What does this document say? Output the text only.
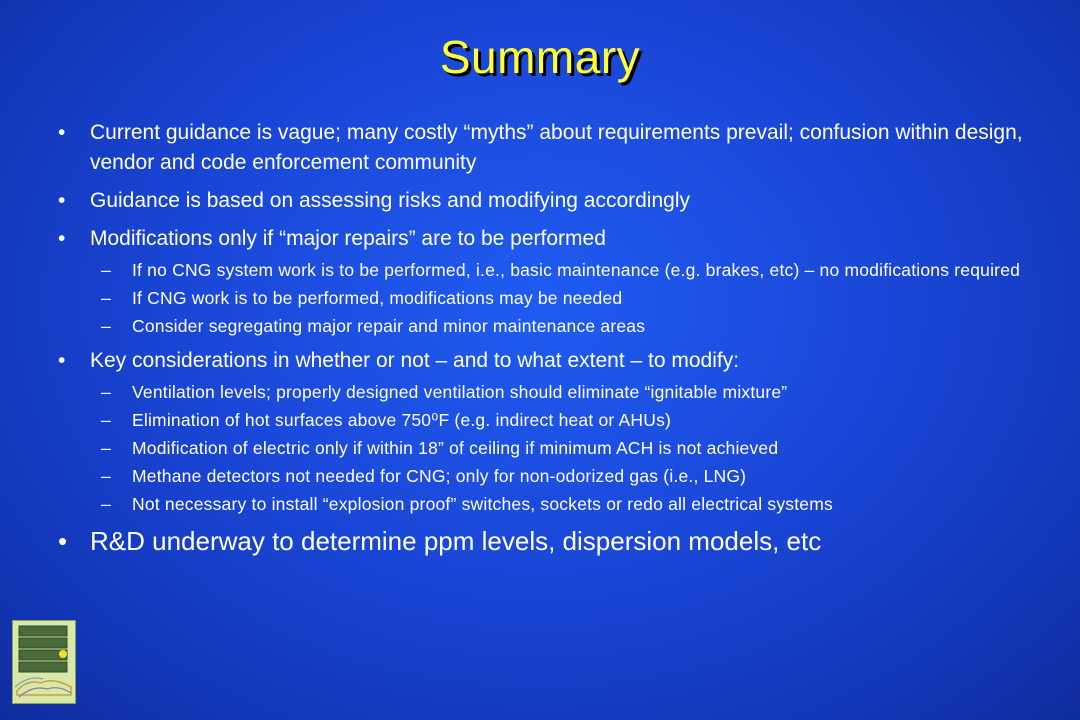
Summary
• Current guidance is vague; many costly “myths” about requirements prevail; confusion within design, vendor and code enforcement community
• Guidance is based on assessing risks and modifying accordingly
• Modifications only if “major repairs” are to be performed
– If no CNG system work is to be performed, i.e., basic maintenance (e.g. brakes, etc) – no modifications required
– If CNG work is to be performed, modifications may be needed
– Consider segregating major repair and minor maintenance areas
• Key considerations in whether or not – and to what extent – to modify:
– Ventilation levels; properly designed ventilation should eliminate “ignitable mixture”
– Elimination of hot surfaces above 750⁰F (e.g. indirect heat or AHUs)
– Modification of electric only if within 18” of ceiling if minimum ACH is not achieved
– Methane detectors not needed for CNG; only for non-odorized gas (i.e., LNG)
– Not necessary to install “explosion proof” switches, sockets or redo all electrical systems
• R&D underway to determine ppm levels, dispersion models, etc
